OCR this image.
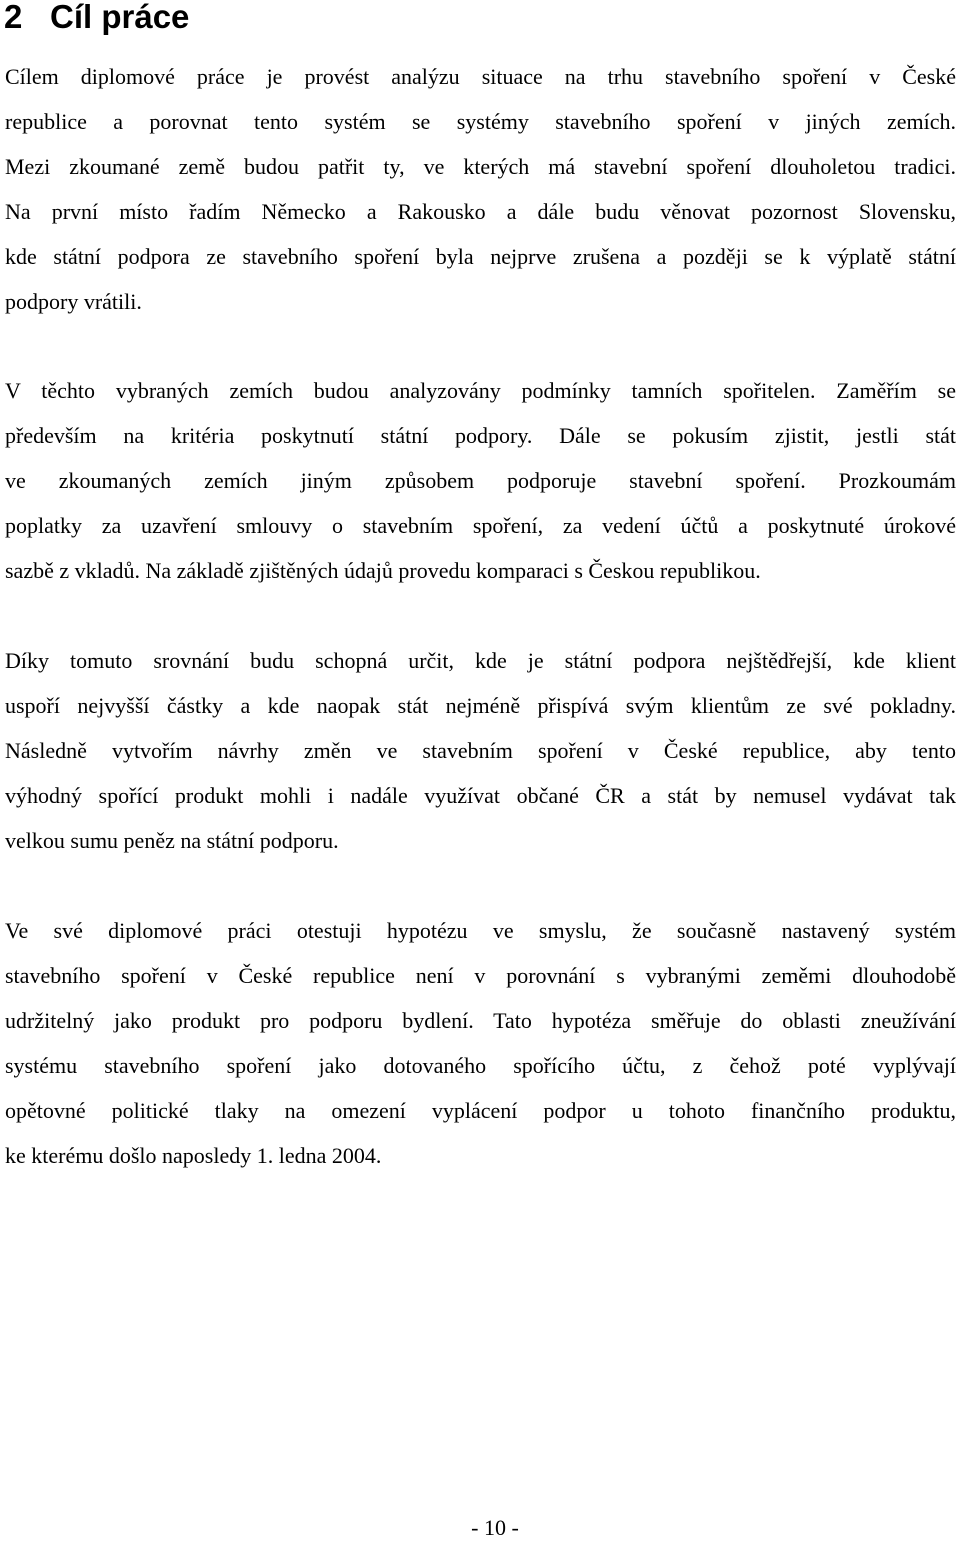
2 Cíl práce
Cílem diplomové práce je provést analýzu situace na trhu stavebního spoření v České
republice a porovnat tento systém se systémy stavebního spoření v jiných zemích.
Mezi zkoumané země budou patřit ty, ve kterých má stavební spoření dlouholetou tradici.
Na první místo řadím Německo a Rakousko a dále budu věnovat pozornost Slovensku,
kde státní podpora ze stavebního spoření byla nejprve zrušena a později se k výplatě státní
podpory vrátili.
V těchto vybraných zemích budou analyzovány podmínky tamních spořitelen. Zaměřím se
především na kritéria poskytnutí státní podpory. Dále se pokusím zjistit, jestli stát
ve zkoumaných zemích jiným způsobem podporuje stavební spoření. Prozkoumám
poplatky za uzavření smlouvy o stavebním spoření, za vedení účtů a poskytnuté úrokové
sazbě z vkladů. Na základě zjištěných údajů provedu komparaci s Českou republikou.
Díky tomuto srovnání budu schopná určit, kde je státní podpora nejštědřejší, kde klient
uspoří nejvyšší částky a kde naopak stát nejméně přispívá svým klientům ze své pokladny.
Následně vytvořím návrhy změn ve stavebním spoření v České republice, aby tento
výhodný spořící produkt mohli i nadále využívat občané ČR a stát by nemusel vydávat tak
velkou sumu peněz na státní podporu.
Ve své diplomové práci otestuji hypotézu ve smyslu, že současně nastavený systém
stavebního spoření v České republice není v porovnání s vybranými zeměmi dlouhodobě
udržitelný jako produkt pro podporu bydlení. Tato hypotéza směřuje do oblasti zneužívání
systému stavebního spoření jako dotovaného spořícího účtu, z čehož poté vyplývají
opětovné politické tlaky na omezení vyplácení podpor u tohoto finančního produktu,
ke kterému došlo naposledy 1. ledna 2004.
- 10 -
